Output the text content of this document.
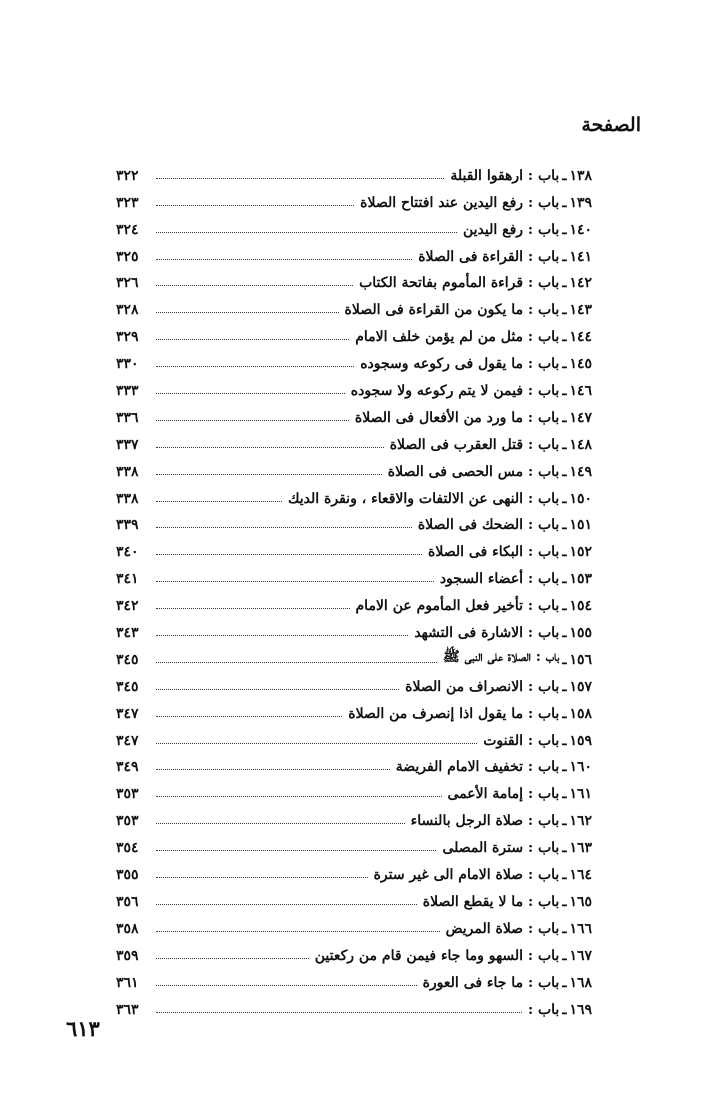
الصفحة
١٣٨
ـ
باب : ارهقوا القبلة
٣٢٢
١٣٩
ـ
باب : رفع اليدين عند افتتاح الصلاة
٣٢٣
١٤٠
ـ
باب : رفع اليدين
٣٢٤
١٤١
ـ
باب : القراءة فى الصلاة
٣٢٥
١٤٢
ـ
باب : قراءة المأموم بفاتحة الكتاب
٣٢٦
١٤٣
ـ
باب : ما يكون من القراءة فى الصلاة
٣٢٨
١٤٤
ـ
باب : مثل من لم يؤمن خلف الامام
٣٢٩
١٤٥
ـ
باب : ما يقول فى ركوعه وسجوده
٣٣٠
١٤٦
ـ
باب : فيمن لا يتم ركوعه ولا سجوده
٣٣٣
١٤٧
ـ
باب : ما ورد من الأفعال فى الصلاة
٣٣٦
١٤٨
ـ
باب : قتل العقرب فى الصلاة
٣٣٧
١٤٩
ـ
باب : مس الحصى فى الصلاة
٣٣٨
١٥٠
ـ
باب : النهى عن الالتفات والاقعاء ، ونقرة الديك
٣٣٨
١٥١
ـ
باب : الضحك فى الصلاة
٣٣٩
١٥٢
ـ
باب : البكاء فى الصلاة
٣٤٠
١٥٣
ـ
باب : أعضاء السجود
٣٤١
١٥٤
ـ
باب : تأخير فعل المأموم عن الامام
٣٤٢
١٥٥
ـ
باب : الاشارة فى التشهد
٣٤٣
١٥٦
ـ
باب : الصلاة على النبى ﷺ
٣٤٥
١٥٧
ـ
باب : الانصراف من الصلاة
٣٤٥
١٥٨
ـ
باب : ما يقول اذا إنصرف من الصلاة
٣٤٧
١٥٩
ـ
باب : القنوت
٣٤٧
١٦٠
ـ
باب : تخفيف الامام الفريضة
٣٤٩
١٦١
ـ
باب : إمامة الأعمى
٣٥٣
١٦٢
ـ
باب : صلاة الرجل بالنساء
٣٥٣
١٦٣
ـ
باب : سترة المصلى
٣٥٤
١٦٤
ـ
باب : صلاة الامام الى غير سترة
٣٥٥
١٦٥
ـ
باب : ما لا يقطع الصلاة
٣٥٦
١٦٦
ـ
باب : صلاة المريض
٣٥٨
١٦٧
ـ
باب : السهو وما جاء فيمن قام من ركعتين
٣٥٩
١٦٨
ـ
باب : ما جاء فى العورة
٣٦١
١٦٩
ـ
باب :
٣٦٣
٦١٣
